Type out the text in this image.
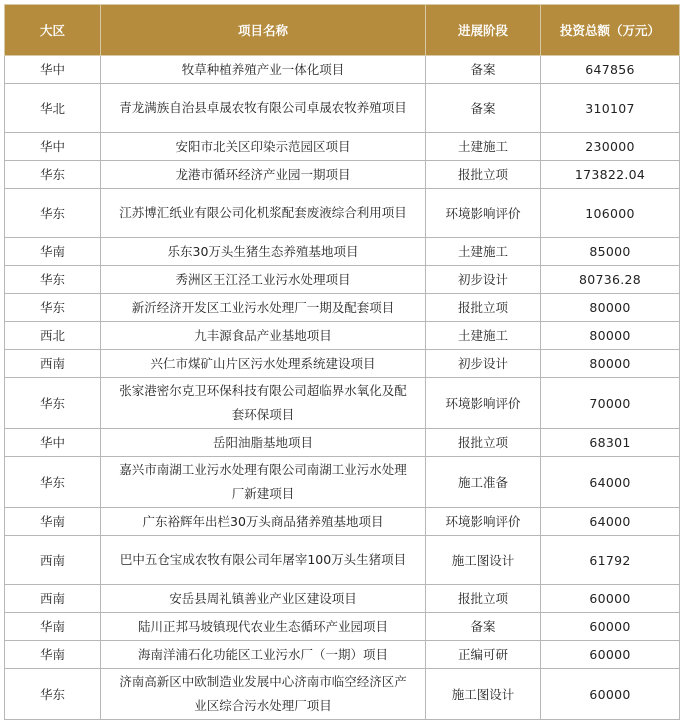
大区	项目名称	进展阶段	投资总额（万元）
华中	牧草种植养殖产业一体化项目	备案	647856
华北	青龙满族自治县卓晟农牧有限公司卓晟农牧养殖项目	备案	310107
华中	安阳市北关区印染示范园区项目	土建施工	230000
华东	龙港市循环经济产业园一期项目	报批立项	173822.04
华东	江苏博汇纸业有限公司化机浆配套废液综合利用项目	环境影响评价	106000
华南	乐东30万头生猪生态养殖基地项目	土建施工	85000
华东	秀洲区王江泾工业污水处理项目	初步设计	80736.28
华东	新沂经济开发区工业污水处理厂一期及配套项目	报批立项	80000
西北	九丰源食品产业基地项目	土建施工	80000
西南	兴仁市煤矿山片区污水处理系统建设项目	初步设计	80000
华东	张家港密尔克卫环保科技有限公司超临界水氧化及配套环保项目	环境影响评价	70000
华中	岳阳油脂基地项目	报批立项	68301
华东	嘉兴市南湖工业污水处理有限公司南湖工业污水处理厂新建项目	施工准备	64000
华南	广东裕辉年出栏30万头商品猪养殖基地项目	环境影响评价	64000
西南	巴中五仓宝成农牧有限公司年屠宰100万头生猪项目	施工图设计	61792
西南	安岳县周礼镇善业产业区建设项目	报批立项	60000
华南	陆川正邦马坡镇现代农业生态循环产业园项目	备案	60000
华南	海南洋浦石化功能区工业污水厂（一期）项目	正编可研	60000
华东	济南高新区中欧制造业发展中心济南市临空经济区产业区综合污水处理厂项目	施工图设计	60000
